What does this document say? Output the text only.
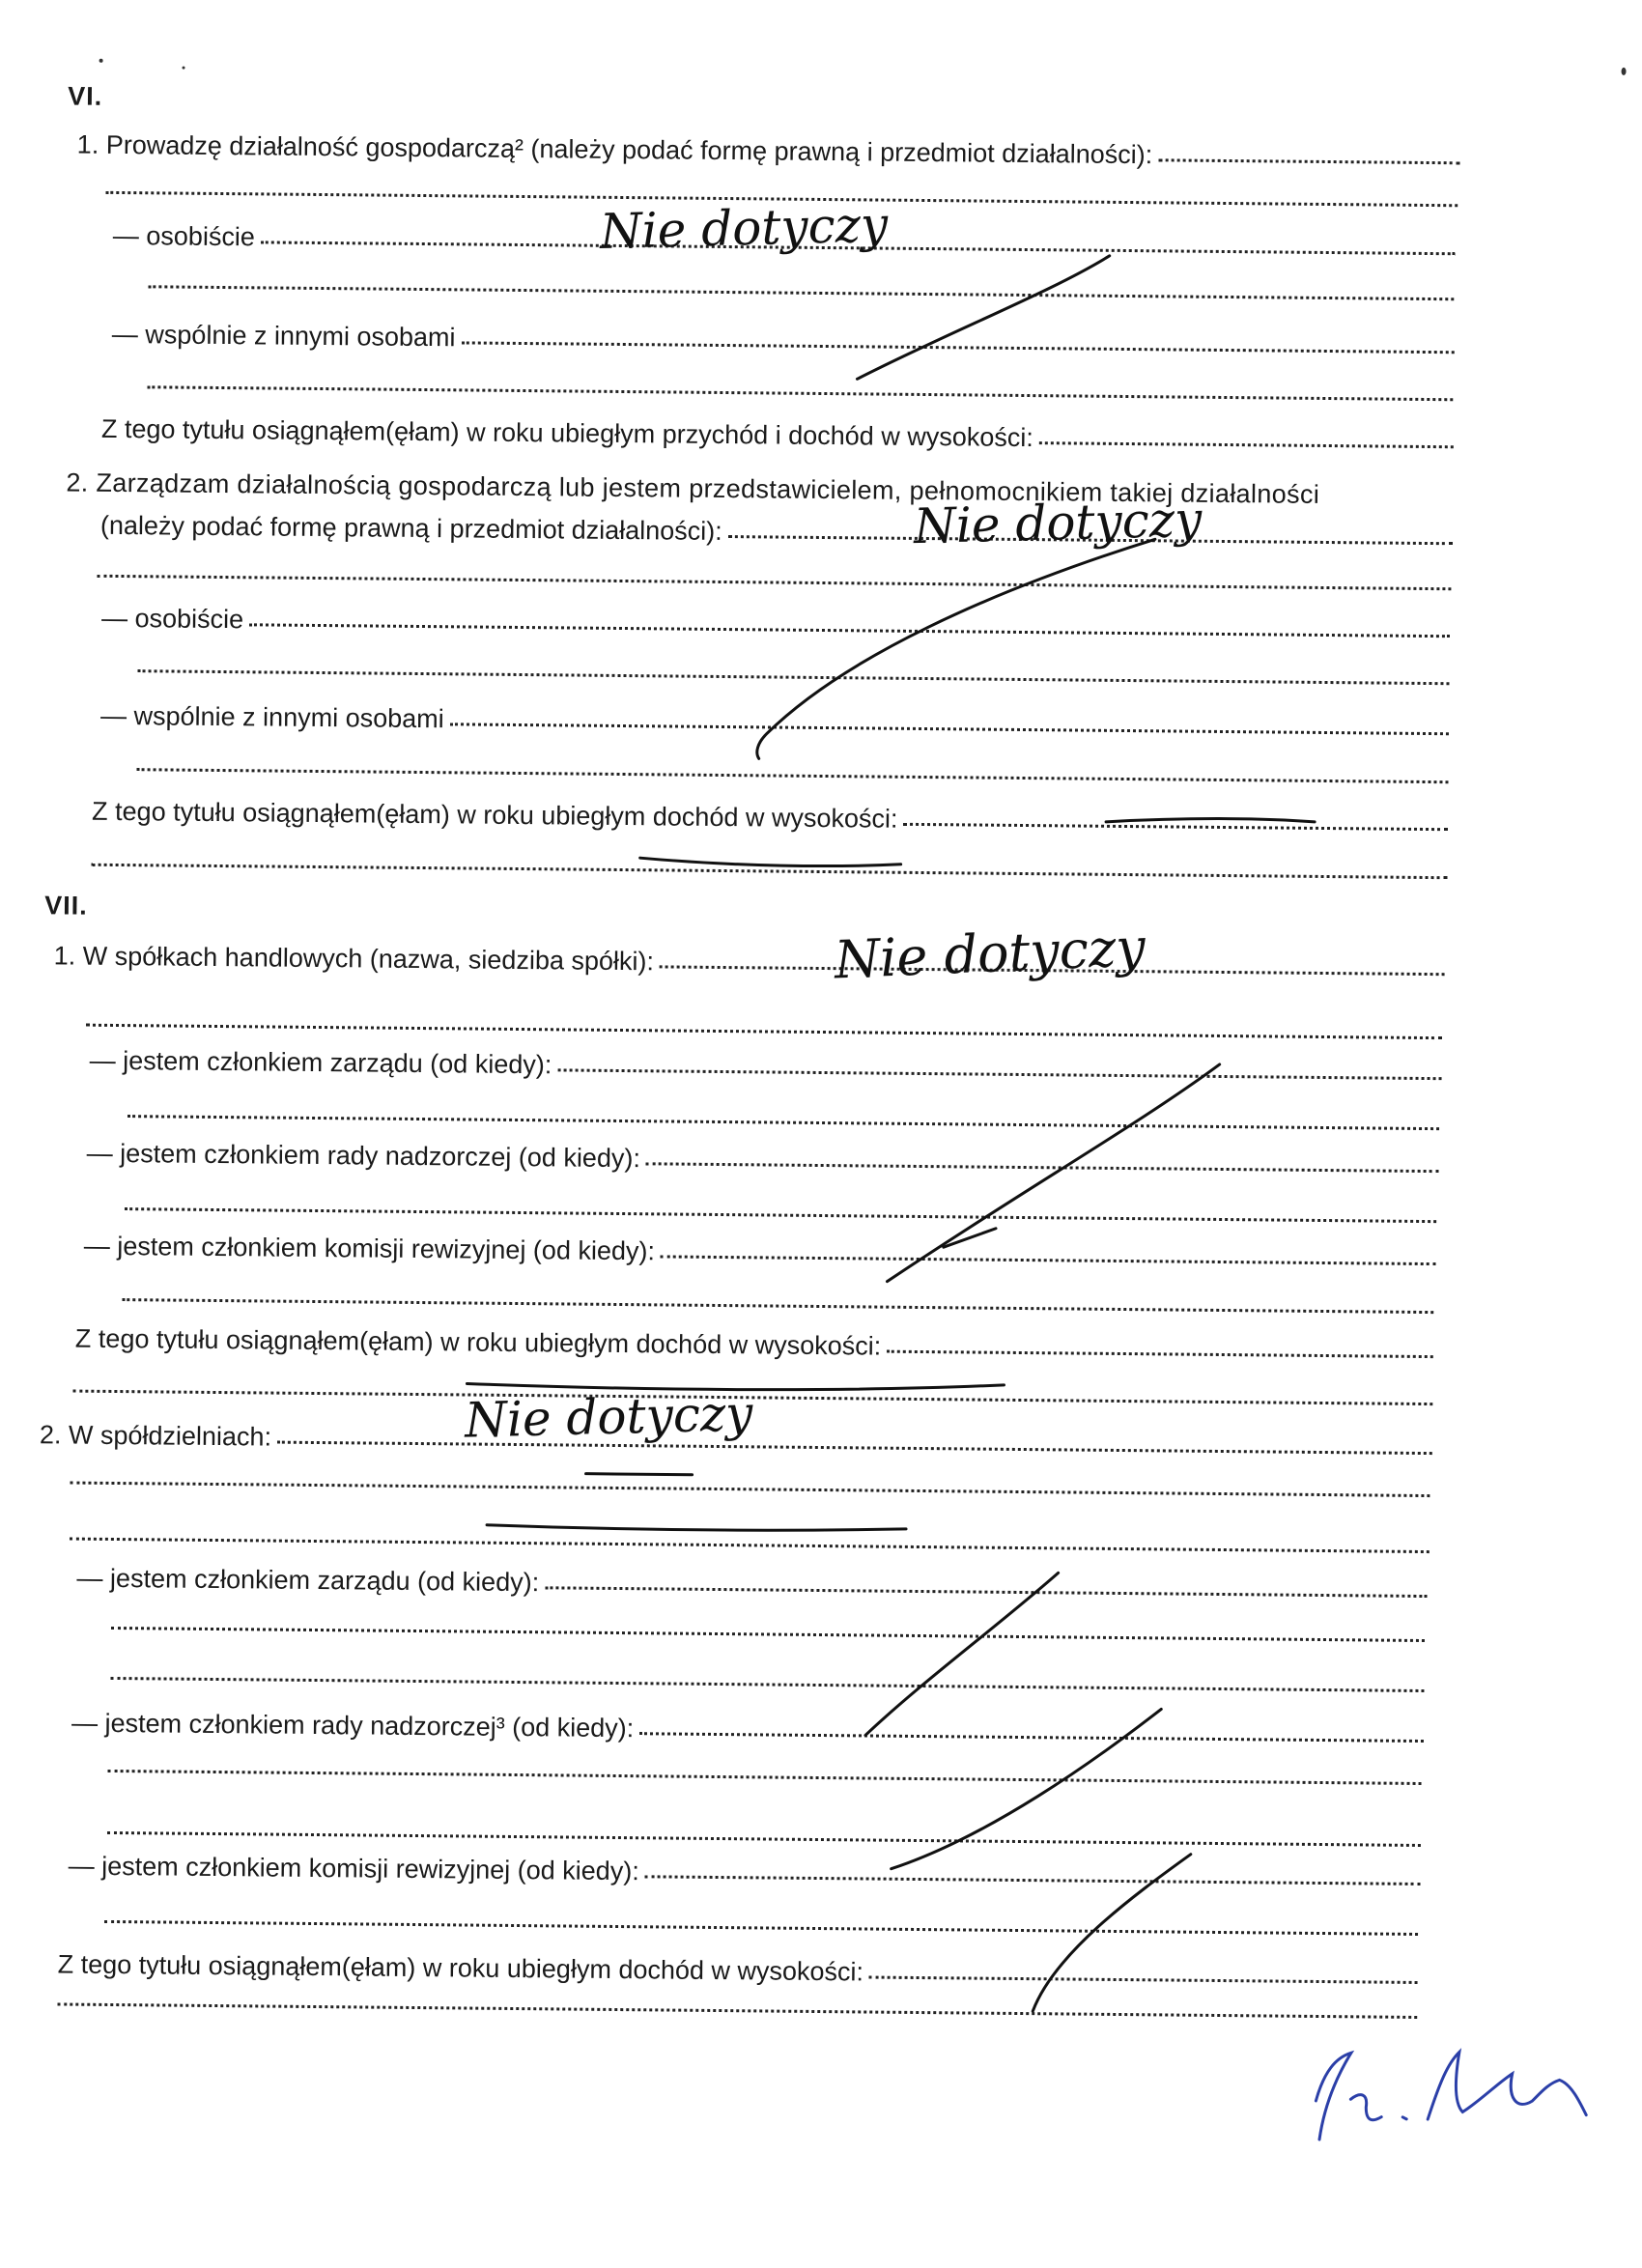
VI.
1. Prowadzę działalność gospodarczą² (należy podać formę prawną i przedmiot działalności):
— osobiście
— wspólnie z innymi osobami
Z tego tytułu osiągnąłem(ęłam) w roku ubiegłym przychód i dochód w wysokości:
2. Zarządzam działalnością gospodarczą lub jestem przedstawicielem, pełnomocnikiem takiej działalności
(należy podać formę prawną i przedmiot działalności):
— osobiście
— wspólnie z innymi osobami
Z tego tytułu osiągnąłem(ęłam) w roku ubiegłym dochód w wysokości:
VII.
1. W spółkach handlowych (nazwa, siedziba spółki):
— jestem członkiem zarządu (od kiedy):
— jestem członkiem rady nadzorczej (od kiedy):
— jestem członkiem komisji rewizyjnej (od kiedy):
Z tego tytułu osiągnąłem(ęłam) w roku ubiegłym dochód w wysokości:
2. W spółdzielniach:
— jestem członkiem zarządu (od kiedy):
— jestem członkiem rady nadzorczej³ (od kiedy):
— jestem członkiem komisji rewizyjnej (od kiedy):
Z tego tytułu osiągnąłem(ęłam) w roku ubiegłym dochód w wysokości:
Nie dotyczy
Nie dotyczy
Nie dotyczy
Nie dotyczy
